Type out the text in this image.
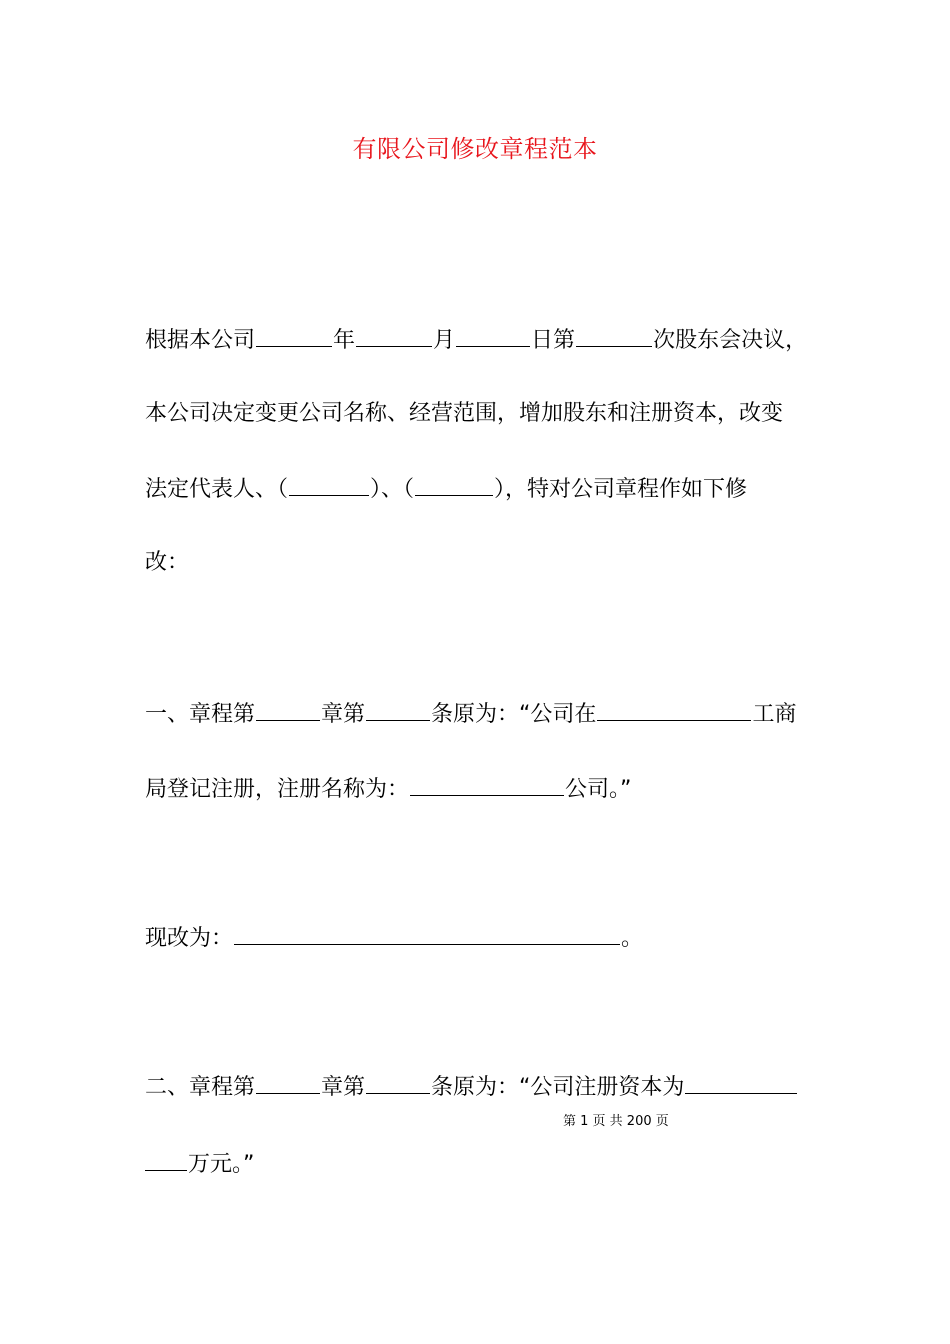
有限公司修改章程范本
根据本公司	年	月	日第	次股东会决议，
本公司决定变更公司名称、经营范围，增加股东和注册资本，改变
法定代表人、（	）、（	），特对公司章程作如下修
改：
一、章程第	章第	条原为：“公司在	工商
局登记注册，注册名称为：	公司。”
现改为：	。
二、章程第	章第	条原为：“公司注册资本为
第 1 页 共 200 页
万元。”
